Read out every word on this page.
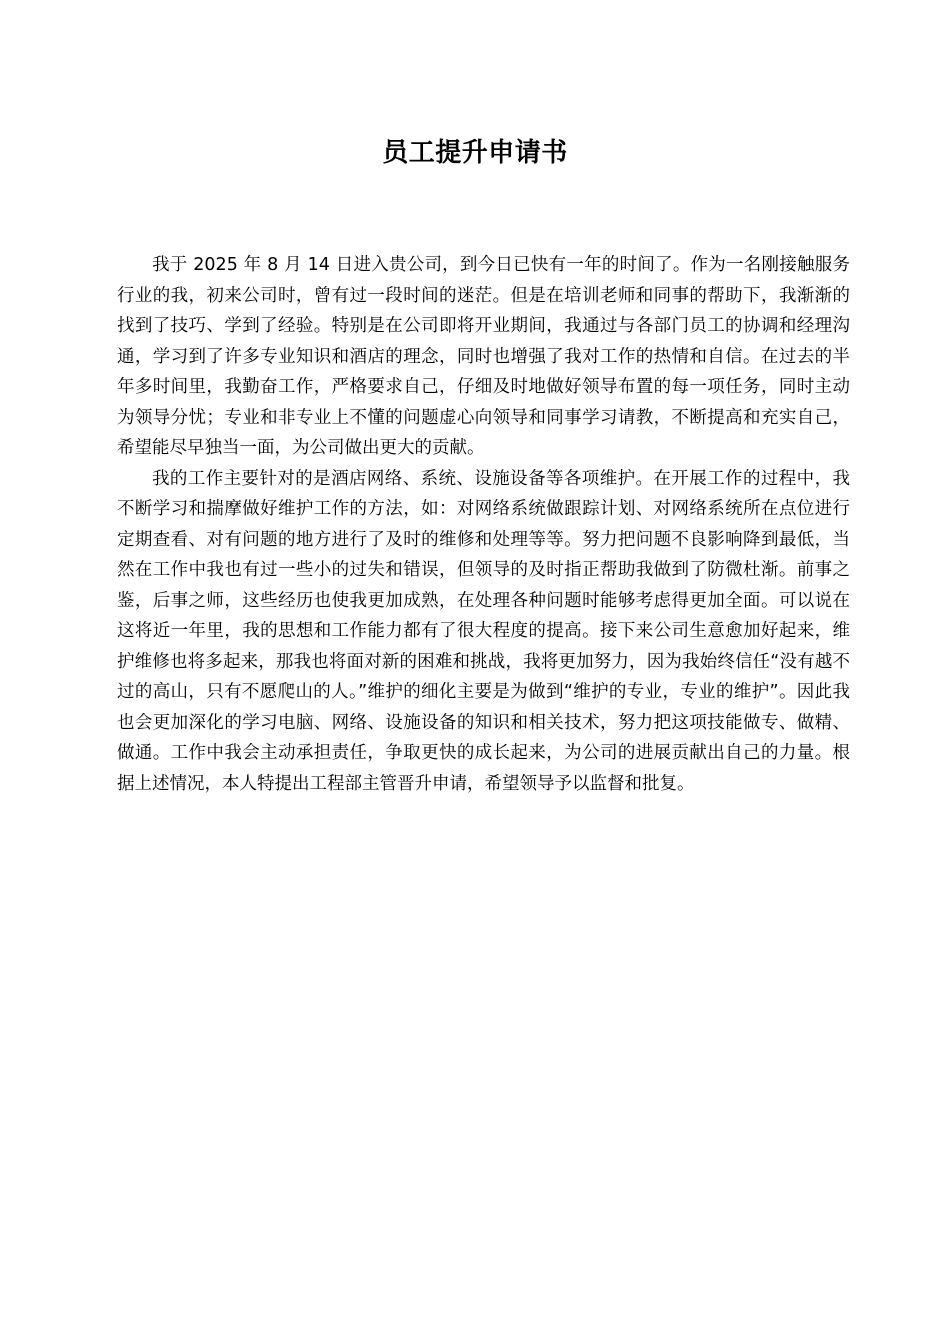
员工提升申请书

我于 2025 年 8 月 14 日进入贵公司，到今日已快有一年的时间了。作为一名刚接触服务行业的我，初来公司时，曾有过一段时间的迷茫。但是在培训老师和同事的帮助下，我渐渐的找到了技巧、学到了经验。特别是在公司即将开业期间，我通过与各部门员工的协调和经理沟通，学习到了许多专业知识和酒店的理念，同时也增强了我对工作的热情和自信。在过去的半年多时间里，我勤奋工作，严格要求自己，仔细及时地做好领导布置的每一项任务，同时主动为领导分忧；专业和非专业上不懂的问题虚心向领导和同事学习请教，不断提高和充实自己，希望能尽早独当一面，为公司做出更大的贡献。

我的工作主要针对的是酒店网络、系统、设施设备等各项维护。在开展工作的过程中，我不断学习和揣摩做好维护工作的方法，如：对网络系统做跟踪计划、对网络系统所在点位进行定期查看、对有问题的地方进行了及时的维修和处理等等。努力把问题不良影响降到最低，当然在工作中我也有过一些小的过失和错误，但领导的及时指正帮助我做到了防微杜渐。前事之鉴，后事之师，这些经历也使我更加成熟，在处理各种问题时能够考虑得更加全面。可以说在这将近一年里，我的思想和工作能力都有了很大程度的提高。接下来公司生意愈加好起来，维护维修也将多起来，那我也将面对新的困难和挑战，我将更加努力，因为我始终信任“没有越不过的高山，只有不愿爬山的人。”维护的细化主要是为做到“维护的专业，专业的维护”。因此我也会更加深化的学习电脑、网络、设施设备的知识和相关技术，努力把这项技能做专、做精、做通。工作中我会主动承担责任，争取更快的成长起来，为公司的进展贡献出自己的力量。根据上述情况，本人特提出工程部主管晋升申请，希望领导予以监督和批复。
